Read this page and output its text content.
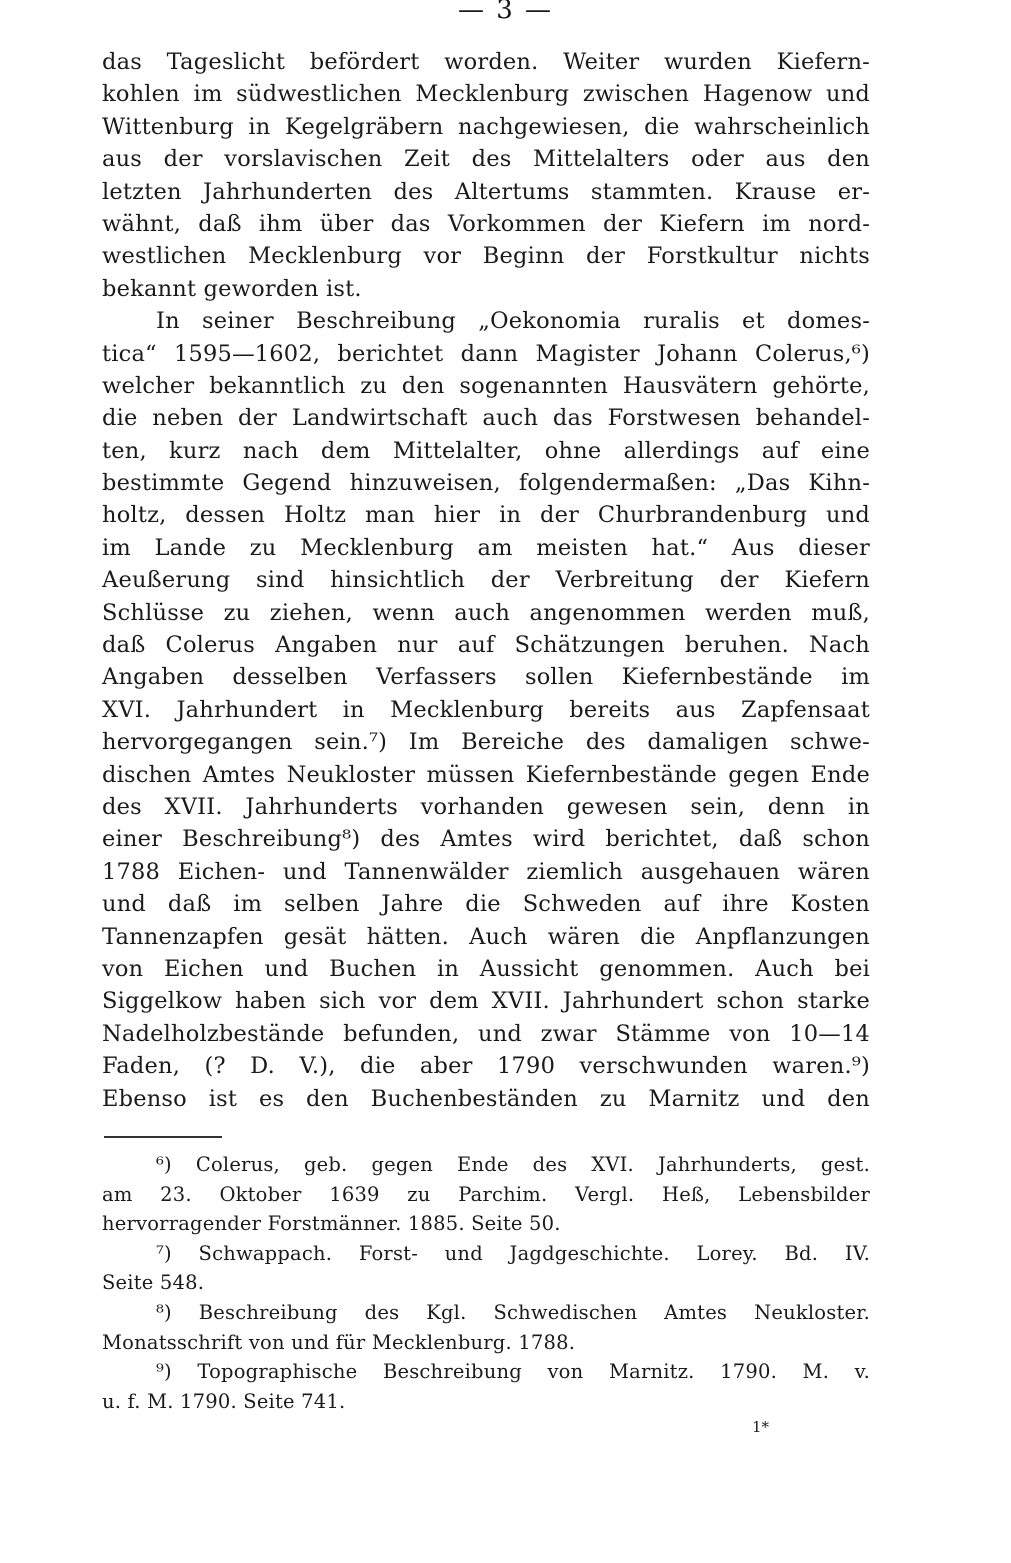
— 3 —
das Tageslicht befördert worden. Weiter wurden Kiefern-
kohlen im südwestlichen Mecklenburg zwischen Hagenow und
Wittenburg in Kegelgräbern nachgewiesen, die wahrscheinlich
aus der vorslavischen Zeit des Mittelalters oder aus den
letzten Jahrhunderten des Altertums stammten. Krause er-
wähnt, daß ihm über das Vorkommen der Kiefern im nord-
westlichen Mecklenburg vor Beginn der Forstkultur nichts
bekannt geworden ist.
In seiner Beschreibung „Oekonomia ruralis et domes-
tica“ 1595—1602, berichtet dann Magister Johann Colerus,⁶)
welcher bekanntlich zu den sogenannten Hausvätern gehörte,
die neben der Landwirtschaft auch das Forstwesen behandel-
ten, kurz nach dem Mittelalter, ohne allerdings auf eine
bestimmte Gegend hinzuweisen, folgendermaßen: „Das Kihn-
holtz, dessen Holtz man hier in der Churbrandenburg und
im Lande zu Mecklenburg am meisten hat.“ Aus dieser
Aeußerung sind hinsichtlich der Verbreitung der Kiefern
Schlüsse zu ziehen, wenn auch angenommen werden muß,
daß Colerus Angaben nur auf Schätzungen beruhen. Nach
Angaben desselben Verfassers sollen Kiefernbestände im
XVI. Jahrhundert in Mecklenburg bereits aus Zapfensaat
hervorgegangen sein.⁷) Im Bereiche des damaligen schwe-
dischen Amtes Neukloster müssen Kiefernbestände gegen Ende
des XVII. Jahrhunderts vorhanden gewesen sein, denn in
einer Beschreibung⁸) des Amtes wird berichtet, daß schon
1788 Eichen- und Tannenwälder ziemlich ausgehauen wären
und daß im selben Jahre die Schweden auf ihre Kosten
Tannenzapfen gesät hätten. Auch wären die Anpflanzungen
von Eichen und Buchen in Aussicht genommen. Auch bei
Siggelkow haben sich vor dem XVII. Jahrhundert schon starke
Nadelholzbestände befunden, und zwar Stämme von 10—14
Faden, (? D. V.), die aber 1790 verschwunden waren.⁹)
Ebenso ist es den Buchenbeständen zu Marnitz und den
⁶) Colerus, geb. gegen Ende des XVI. Jahrhunderts, gest.
am 23. Oktober 1639 zu Parchim. Vergl. Heß, Lebensbilder
hervorragender Forstmänner. 1885. Seite 50.
⁷) Schwappach. Forst- und Jagdgeschichte. Lorey. Bd. IV.
Seite 548.
⁸) Beschreibung des Kgl. Schwedischen Amtes Neukloster.
Monatsschrift von und für Mecklenburg. 1788.
⁹) Topographische Beschreibung von Marnitz. 1790. M. v.
u. f. M. 1790. Seite 741.
1*
